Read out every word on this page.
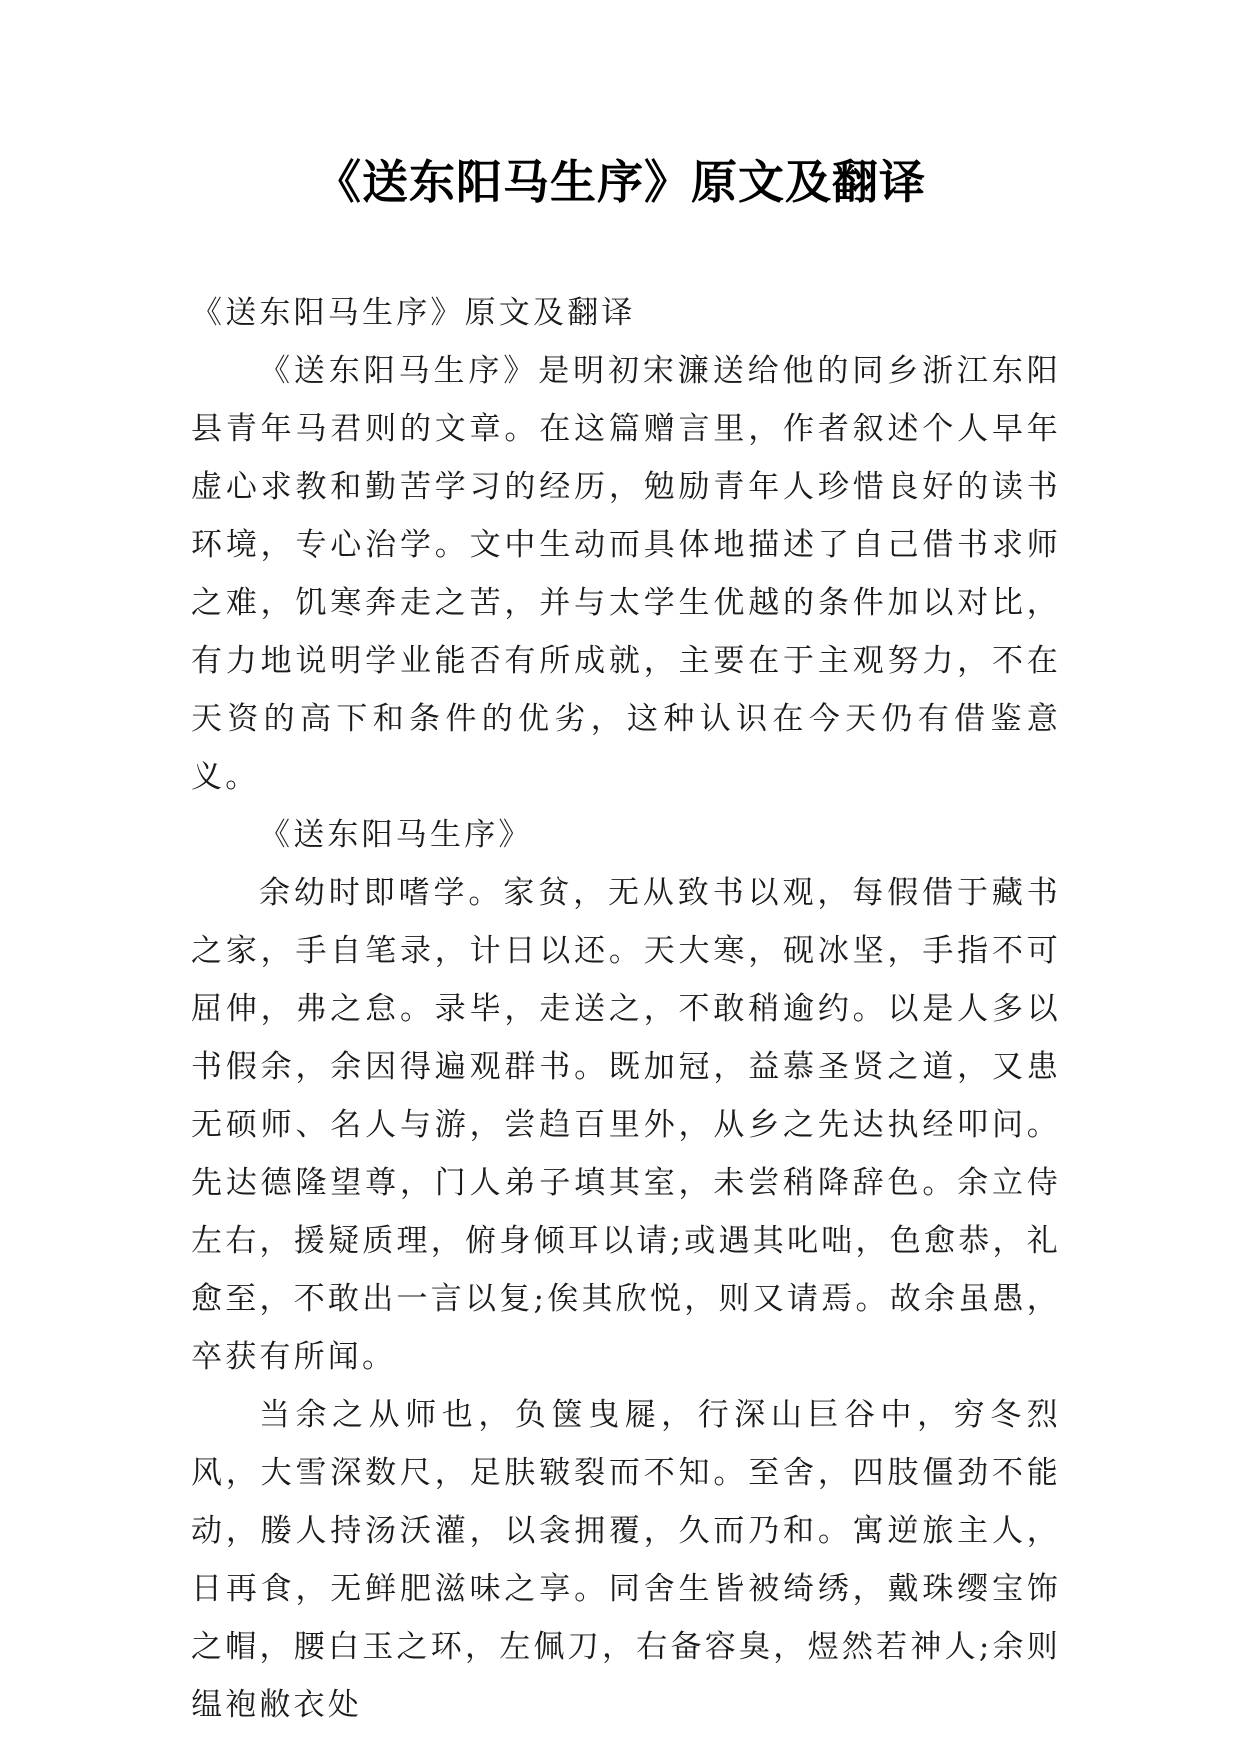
《送东阳马生序》原文及翻译

《送东阳马生序》原文及翻译

《送东阳马生序》是明初宋濂送给他的同乡浙江东阳县青年马君则的文章。在这篇赠言里，作者叙述个人早年虚心求教和勤苦学习的经历，勉励青年人珍惜良好的读书环境，专心治学。文中生动而具体地描述了自己借书求师之难，饥寒奔走之苦，并与太学生优越的条件加以对比，有力地说明学业能否有所成就，主要在于主观努力，不在天资的高下和条件的优劣，这种认识在今天仍有借鉴意义。

《送东阳马生序》

余幼时即嗜学。家贫，无从致书以观，每假借于藏书之家，手自笔录，计日以还。天大寒，砚冰坚，手指不可屈伸，弗之怠。录毕，走送之，不敢稍逾约。以是人多以书假余，余因得遍观群书。既加冠，益慕圣贤之道，又患无硕师、名人与游，尝趋百里外，从乡之先达执经叩问。先达德隆望尊，门人弟子填其室，未尝稍降辞色。余立侍左右，援疑质理，俯身倾耳以请;或遇其叱咄，色愈恭，礼愈至，不敢出一言以复;俟其欣悦，则又请焉。故余虽愚，卒获有所闻。

当余之从师也，负箧曳屣，行深山巨谷中，穷冬烈风，大雪深数尺，足肤皲裂而不知。至舍，四肢僵劲不能动，媵人持汤沃灌，以衾拥覆，久而乃和。寓逆旅主人，日再食，无鲜肥滋味之享。同舍生皆被绮绣，戴珠缨宝饰之帽，腰白玉之环，左佩刀，右备容臭，煜然若神人;余则缊袍敝衣处
